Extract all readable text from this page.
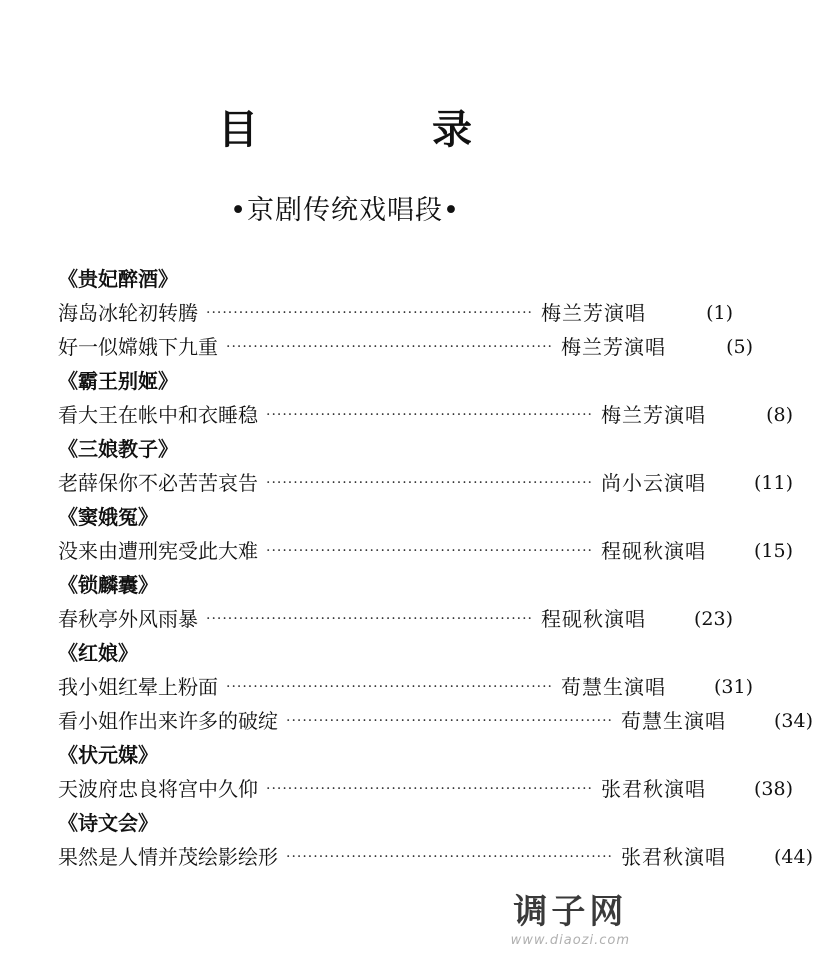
目 录
•京剧传统戏唱段•
《贵妃醉酒》
海岛冰轮初转腾 ···························································· 梅兰芳演唱	(1)
好一似嫦娥下九重 ···························································· 梅兰芳演唱	(5)
《霸王别姬》
看大王在帐中和衣睡稳 ···························································· 梅兰芳演唱	(8)
《三娘教子》
老薛保你不必苦苦哀告 ···························································· 尚小云演唱	(11)
《窦娥冤》
没来由遭刑宪受此大难 ···························································· 程砚秋演唱	(15)
《锁麟囊》
春秋亭外风雨暴 ···························································· 程砚秋演唱	(23)
《红娘》
我小姐红晕上粉面 ···························································· 荀慧生演唱	(31)
看小姐作出来许多的破绽 ···························································· 荀慧生演唱	(34)
《状元媒》
天波府忠良将宫中久仰 ···························································· 张君秋演唱	(38)
《诗文会》
果然是人情并茂绘影绘形 ···························································· 张君秋演唱	(44)
调子网
www.diaozi.com
